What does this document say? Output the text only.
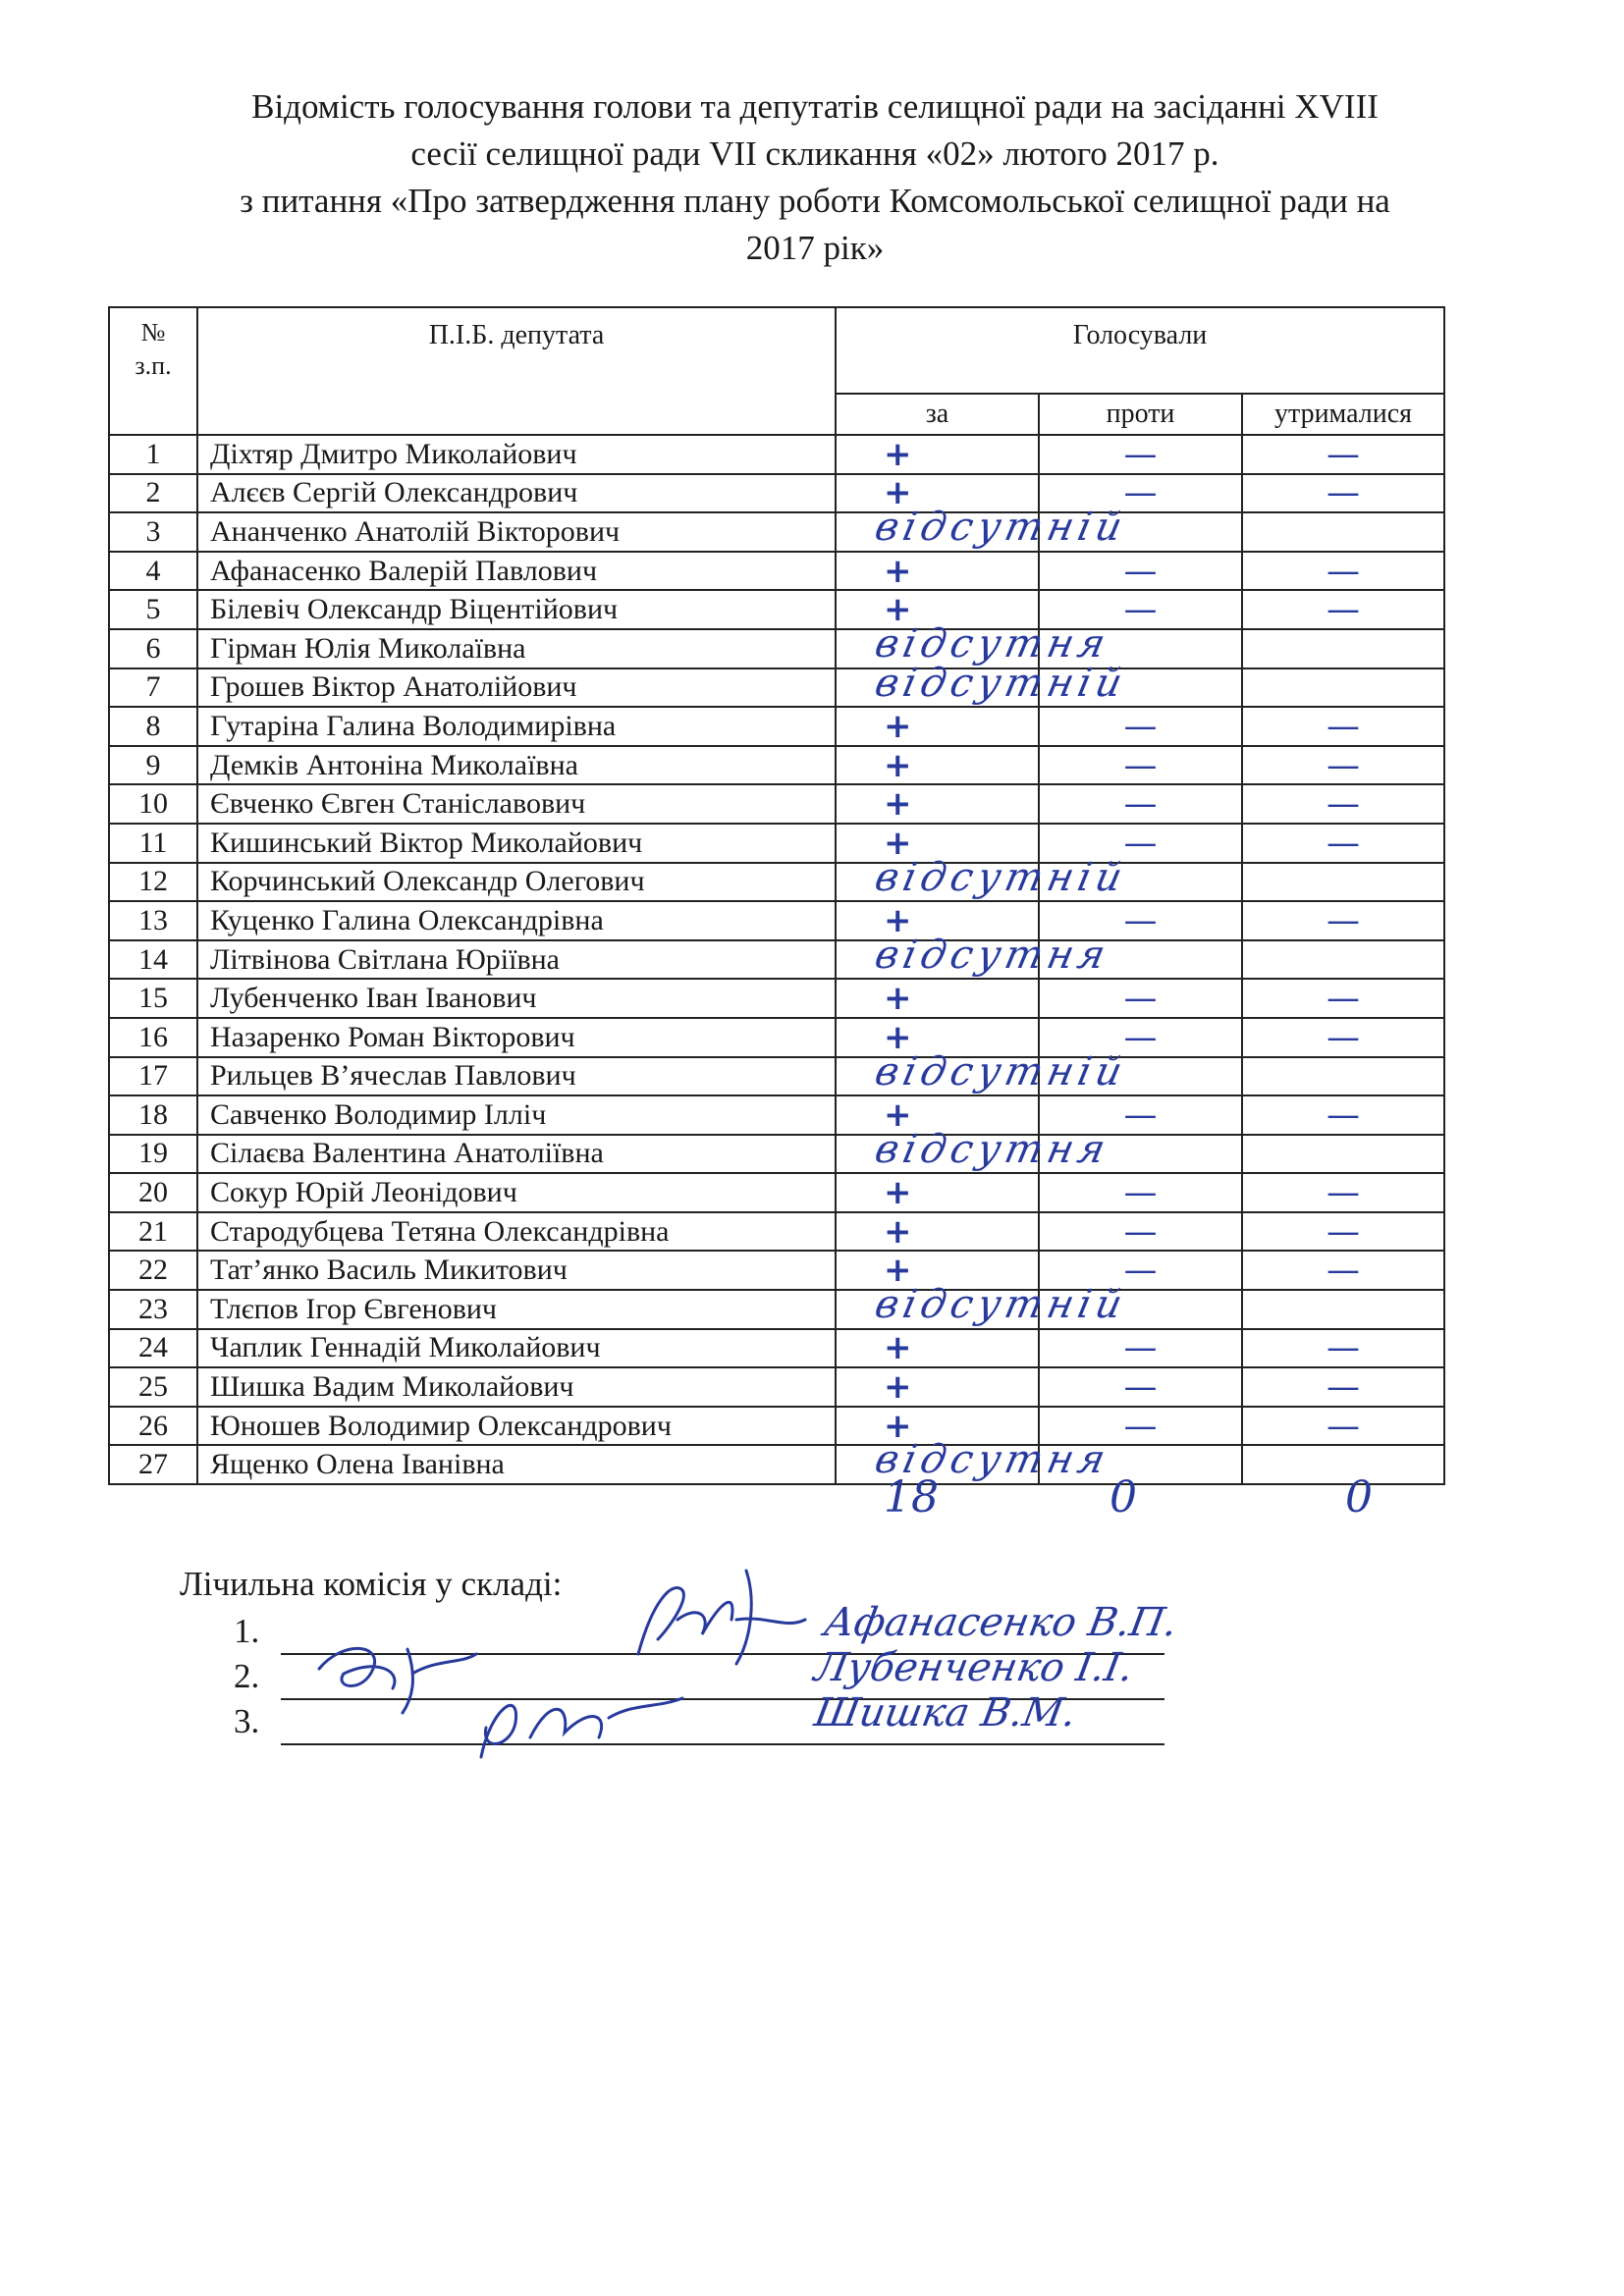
Відомість голосування голови та депутатів селищної ради на засіданні XVIII
сесії селищної ради VII скликання «02» лютого 2017 р.
з питання «Про затвердження плану роботи Комсомольської селищної ради на
2017 рік»
№
з.п.	П.І.Б. депутата	Голосували		
		за	проти	утрималися
1	Діхтяр Дмитро Миколайович	+	—	—
2	Алєєв Сергій Олександрович	+	—	—
3	Ананченко Анатолій Вікторович	відсутній		

4	Афанасенко Валерій Павлович	+	—	—
5	Білевіч Олександр Віцентійович	+	—	—
6	Гірман Юлія Миколаївна	відсутня		

7	Грошев Віктор Анатолійович	відсутній		

8	Гутаріна Галина Володимирівна	+	—	—
9	Демків Антоніна Миколаївна	+	—	—
10	Євченко Євген Станіславович	+	—	—
11	Кишинський Віктор Миколайович	+	—	—
12	Корчинський Олександр Олегович	відсутній		

13	Куценко Галина Олександрівна	+	—	—
14	Літвінова Світлана Юріївна	відсутня		

15	Лубенченко Іван Іванович	+	—	—
16	Назаренко Роман Вікторович	+	—	—
17	Рильцев В’ячеслав Павлович	відсутній		

18	Савченко Володимир Ілліч	+	—	—
19	Сілаєва Валентина Анатоліївна	відсутня		

20	Сокур Юрій Леонідович	+	—	—
21	Стародубцева Тетяна Олександрівна	+	—	—
22	Тат’янко Василь Микитович	+	—	—
23	Тлєпов Ігор Євгенович	відсутній		

24	Чаплик Геннадій Миколайович	+	—	—
25	Шишка Вадим Миколайович	+	—	—
26	Юношев Володимир Олександрович	+	—	—
27	Ященко Олена Іванівна	відсутня		

18	0	0
Лічильна комісія у складі:
1.	Афанасенко В.П.
2.	Лубенченко І.І.
3.	Шишка В.М.
